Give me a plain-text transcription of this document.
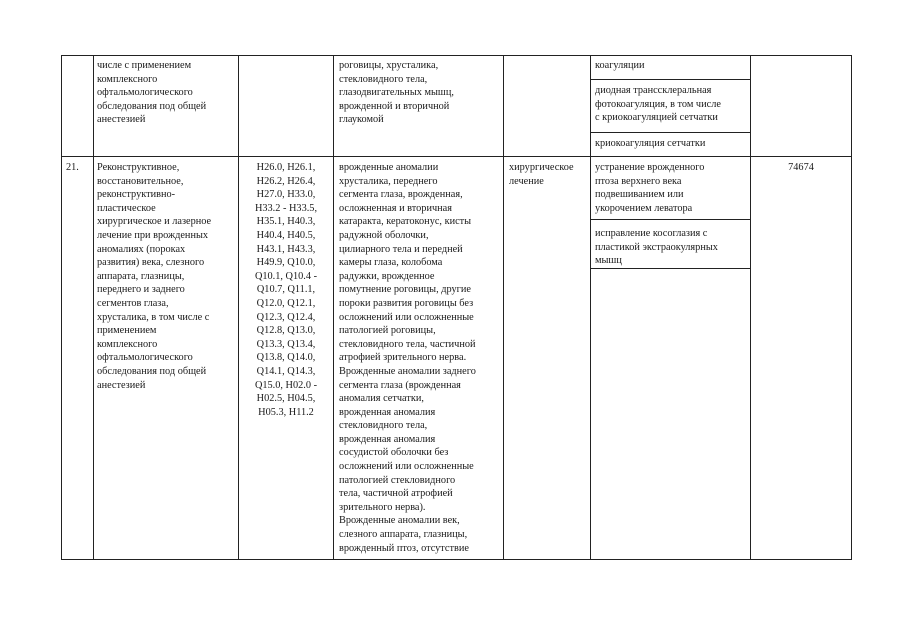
числе с применением
комплексного
офтальмологического
обследования под общей
анестезией
роговицы, хрусталика,
стекловидного тела,
глазодвигательных мышц,
врожденной и вторичной
глаукомой
коагуляции
диодная транссклеральная
фотокоагуляция, в том числе
с криокоагуляцией сетчатки
криокоагуляция сетчатки
21. Реконструктивное,
восстановительное,
реконструктивно-
пластическое
хирургическое и лазерное
лечение при врожденных
аномалиях (пороках
развития) века, слезного
аппарата, глазницы,
переднего и заднего
сегментов глаза,
хрусталика, в том числе с
применением
комплексного
офтальмологического
обследования под общей
анестезией
H26.0, H26.1,
H26.2, H26.4,
H27.0, H33.0,
H33.2 - H33.5,
H35.1, H40.3,
H40.4, H40.5,
H43.1, H43.3,
H49.9, Q10.0,
Q10.1, Q10.4 -
Q10.7, Q11.1,
Q12.0, Q12.1,
Q12.3, Q12.4,
Q12.8, Q13.0,
Q13.3, Q13.4,
Q13.8, Q14.0,
Q14.1, Q14.3,
Q15.0, H02.0 -
H02.5, H04.5,
H05.3, H11.2
врожденные аномалии
хрусталика, переднего
сегмента глаза, врожденная,
осложненная и вторичная
катаракта, кератоконус, кисты
радужной оболочки,
цилиарного тела и передней
камеры глаза, колобома
радужки, врожденное
помутнение роговицы, другие
пороки развития роговицы без
осложнений или осложненные
патологией роговицы,
стекловидного тела, частичной
атрофией зрительного нерва.
Врожденные аномалии заднего
сегмента глаза (врожденная
аномалия сетчатки,
врожденная аномалия
стекловидного тела,
врожденная аномалия
сосудистой оболочки без
осложнений или осложненные
патологией стекловидного
тела, частичной атрофией
зрительного нерва).
Врожденные аномалии век,
слезного аппарата, глазницы,
врожденный птоз, отсутствие
хирургическое
лечение
устранение врожденного
птоза верхнего века
подвешиванием или
укорочением леватора
исправление косоглазия с
пластикой экстраокулярных
мышц
74674
